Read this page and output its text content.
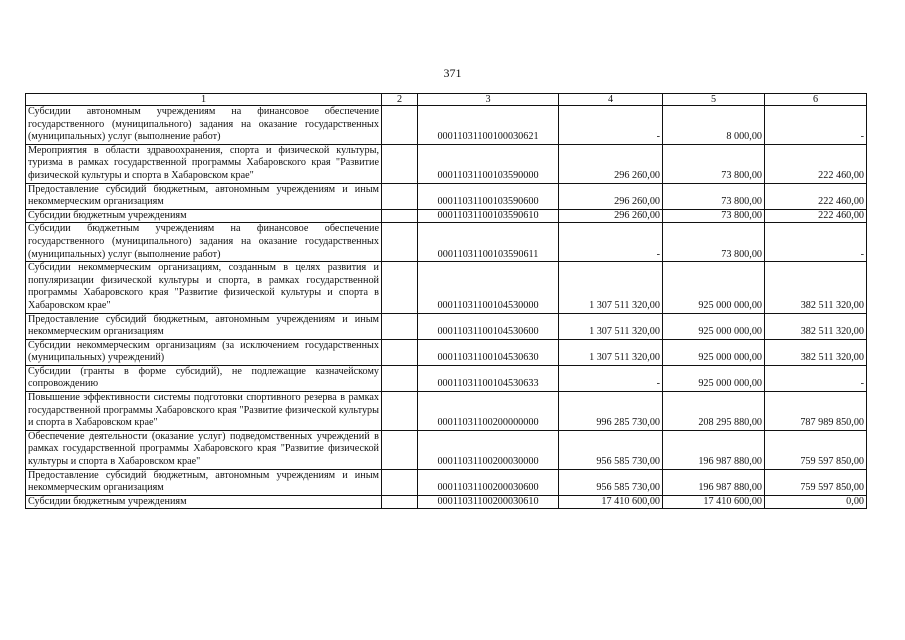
371
1	2	3	4	5	6
Субсидии автономным учреждениям на финансовое обеспечение государственного (муниципального) задания на оказание государственных (муниципальных) услуг (выполнение работ)		00011031100100030621	-	8 000,00	-
Мероприятия в области здравоохранения, спорта и физической культуры, туризма в рамках государственной программы Хабаровского края "Развитие физической культуры и спорта в Хабаровском крае"		00011031100103590000	296 260,00	73 800,00	222 460,00
Предоставление субсидий бюджетным, автономным учреждениям и иным некоммерческим организациям		00011031100103590600	296 260,00	73 800,00	222 460,00
Субсидии бюджетным учреждениям		00011031100103590610	296 260,00	73 800,00	222 460,00
Субсидии бюджетным учреждениям на финансовое обеспечение государственного (муниципального) задания на оказание государственных (муниципальных) услуг (выполнение работ)		00011031100103590611	-	73 800,00	-
Субсидии некоммерческим организациям, созданным в целях развития и популяризации физической культуры и спорта, в рамках государственной программы Хабаровского края "Развитие физической культуры и спорта в Хабаровском крае"		00011031100104530000	1 307 511 320,00	925 000 000,00	382 511 320,00
Предоставление субсидий бюджетным, автономным учреждениям и иным некоммерческим организациям		00011031100104530600	1 307 511 320,00	925 000 000,00	382 511 320,00
Субсидии некоммерческим организациям (за исключением государственных (муниципальных) учреждений)		00011031100104530630	1 307 511 320,00	925 000 000,00	382 511 320,00
Субсидии (гранты в форме субсидий), не подлежащие казначейскому сопровождению		00011031100104530633	-	925 000 000,00	-
Повышение эффективности системы подготовки спортивного резерва в рамках государственной программы Хабаровского края "Развитие физической культуры и спорта в Хабаровском крае"		00011031100200000000	996 285 730,00	208 295 880,00	787 989 850,00
Обеспечение деятельности (оказание услуг) подведомственных учреждений в рамках государственной программы Хабаровского края "Развитие физической культуры и спорта в Хабаровском крае"		00011031100200030000	956 585 730,00	196 987 880,00	759 597 850,00
Предоставление субсидий бюджетным, автономным учреждениям и иным некоммерческим организациям		00011031100200030600	956 585 730,00	196 987 880,00	759 597 850,00
Субсидии бюджетным учреждениям		00011031100200030610	17 410 600,00	17 410 600,00	0,00
